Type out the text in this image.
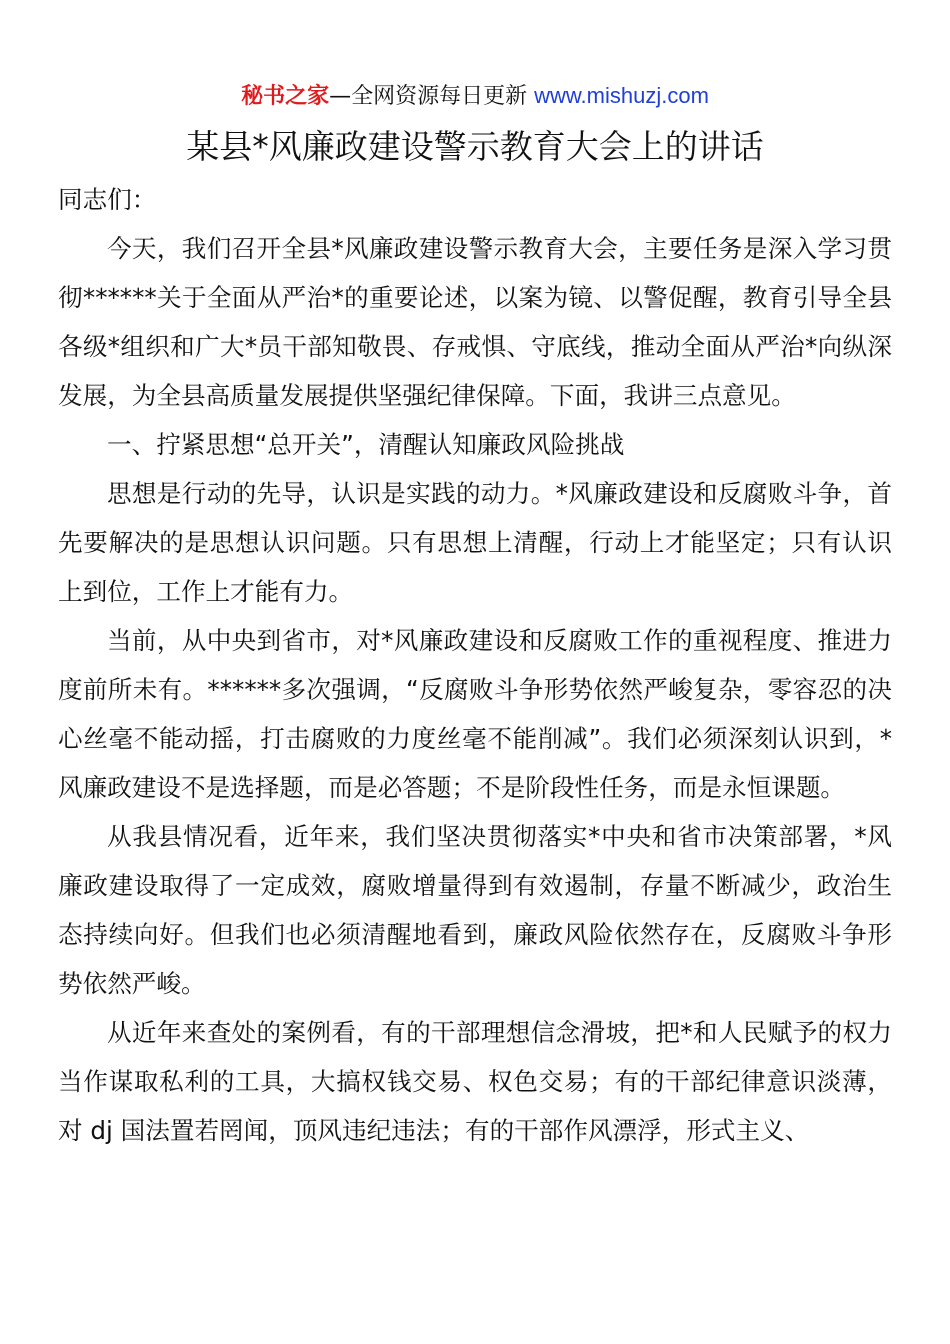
秘书之家—全网资源每日更新 www.mishuzj.com
某县*风廉政建设警示教育大会上的讲话

同志们：

今天，我们召开全县*风廉政建设警示教育大会，主要任务是深入学习贯彻******关于全面从严治*的重要论述，以案为镜、以警促醒，教育引导全县各级*组织和广大*员干部知敬畏、存戒惧、守底线，推动全面从严治*向纵深发展，为全县高质量发展提供坚强纪律保障。下面，我讲三点意见。

一、拧紧思想“总开关”，清醒认知廉政风险挑战

思想是行动的先导，认识是实践的动力。*风廉政建设和反腐败斗争，首先要解决的是思想认识问题。只有思想上清醒，行动上才能坚定；只有认识上到位，工作上才能有力。

当前，从中央到省市，对*风廉政建设和反腐败工作的重视程度、推进力度前所未有。******多次强调，“反腐败斗争形势依然严峻复杂，零容忍的决心丝毫不能动摇，打击腐败的力度丝毫不能削减”。我们必须深刻认识到，*风廉政建设不是选择题，而是必答题；不是阶段性任务，而是永恒课题。

从我县情况看，近年来，我们坚决贯彻落实*中央和省市决策部署，*风廉政建设取得了一定成效，腐败增量得到有效遏制，存量不断减少，政治生态持续向好。但我们也必须清醒地看到，廉政风险依然存在，反腐败斗争形势依然严峻。

从近年来查处的案例看，有的干部理想信念滑坡，把*和人民赋予的权力当作谋取私利的工具，大搞权钱交易、权色交易；有的干部纪律意识淡薄，对 dj 国法置若罔闻，顶风违纪违法；有的干部作风漂浮，形式主义、
